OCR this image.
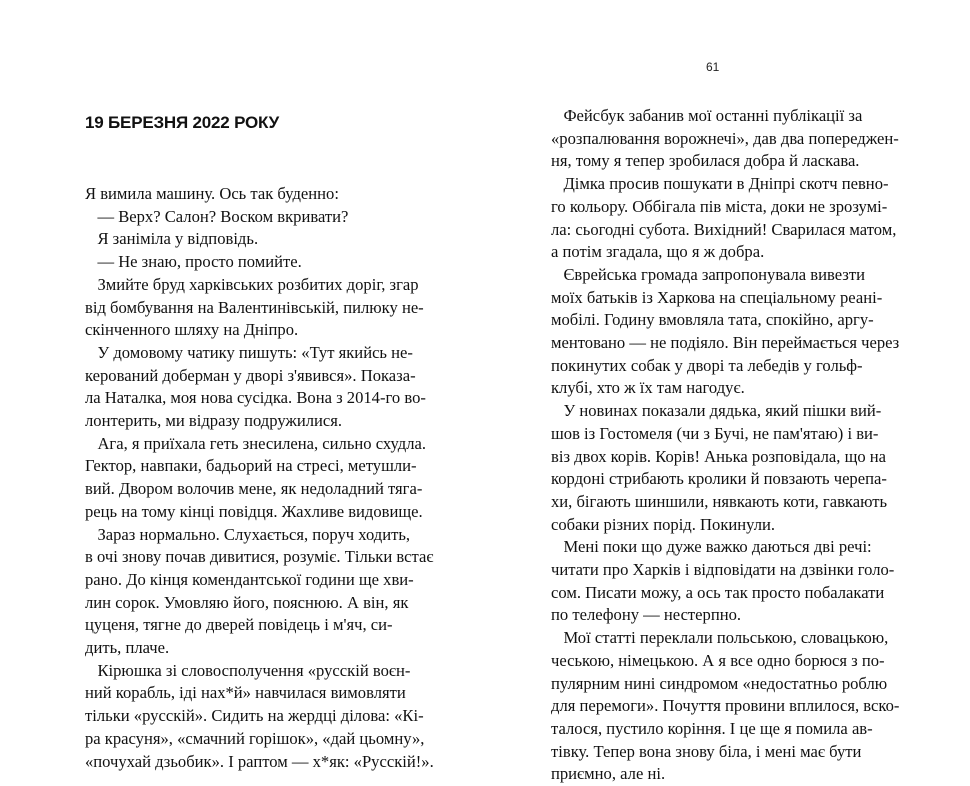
61
19 БЕРЕЗНЯ 2022 РОКУ

Я вимила машину. Ось так буденно:

— Верх? Салон? Воском вкривати?

Я заніміла у відповідь.

— Не знаю, просто помийте.

Змийте бруд харківських розбитих доріг, згар

від бомбування на Валентинівській, пилюку не-

скінченного шляху на Дніпро.

У домовому чатику пишуть: «Тут якийсь не-

керований доберман у дворі з'явився». Показа-

ла Наталка, моя нова сусідка. Вона з 2014-го во-

лонтерить, ми відразу подружилися.

Ага, я приїхала геть знесилена, сильно схудла.

Гектор, навпаки, бадьорий на стресі, метушли-

вий. Двором волочив мене, як недоладний тяга-

рець на тому кінці повідця. Жахливе видовище.

Зараз нормально. Слухається, поруч ходить,

в очі знову почав дивитися, розуміє. Тільки встає

рано. До кінця комендантської години ще хви-

лин сорок. Умовляю його, пояснюю. А він, як

цуценя, тягне до дверей повідець і м'яч, си-

дить, плаче.

Кірюшка зі словосполучення «русскій воєн-

ний корабль, іді нах*й» навчилася вимовляти

тільки «русскій». Сидить на жердці ділова: «Кі-

ра красуня», «смачний горішок», «дай цьомну»,

«почухай дзьобик». І раптом — х*як: «Русскій!».

Фейсбук забанив мої останні публікації за

«розпалювання ворожнечі», дав два попереджен-

ня, тому я тепер зробилася добра й ласкава.

Дімка просив пошукати в Дніпрі скотч певно-

го кольору. Оббігала пів міста, доки не зрозумі-

ла: сьогодні субота. Вихідний! Сварилася матом,

а потім згадала, що я ж добра.

Єврейська громада запропонувала вивезти

моїх батьків із Харкова на спеціальному реані-

мобілі. Годину вмовляла тата, спокійно, аргу-

ментовано — не подіяло. Він переймається через

покинутих собак у дворі та лебедів у гольф-

клубі, хто ж їх там нагодує.

У новинах показали дядька, який пішки вий-

шов із Гостомеля (чи з Бучі, не пам'ятаю) і ви-

віз двох корів. Корів! Анька розповідала, що на

кордоні стрибають кролики й повзають черепа-

хи, бігають шиншили, нявкають коти, гавкають

собаки різних порід. Покинули.

Мені поки що дуже важко даються дві речі:

читати про Харків і відповідати на дзвінки голо-

сом. Писати можу, а ось так просто побалакати

по телефону — нестерпно.

Мої статті переклали польською, словацькою,

чеською, німецькою. А я все одно борюся з по-

пулярним нині синдромом «недостатньо роблю

для перемоги». Почуття провини вплилося, вско-

талося, пустило коріння. І це ще я помила ав-

тівку. Тепер вона знову біла, і мені має бути

приємно, але ні.
